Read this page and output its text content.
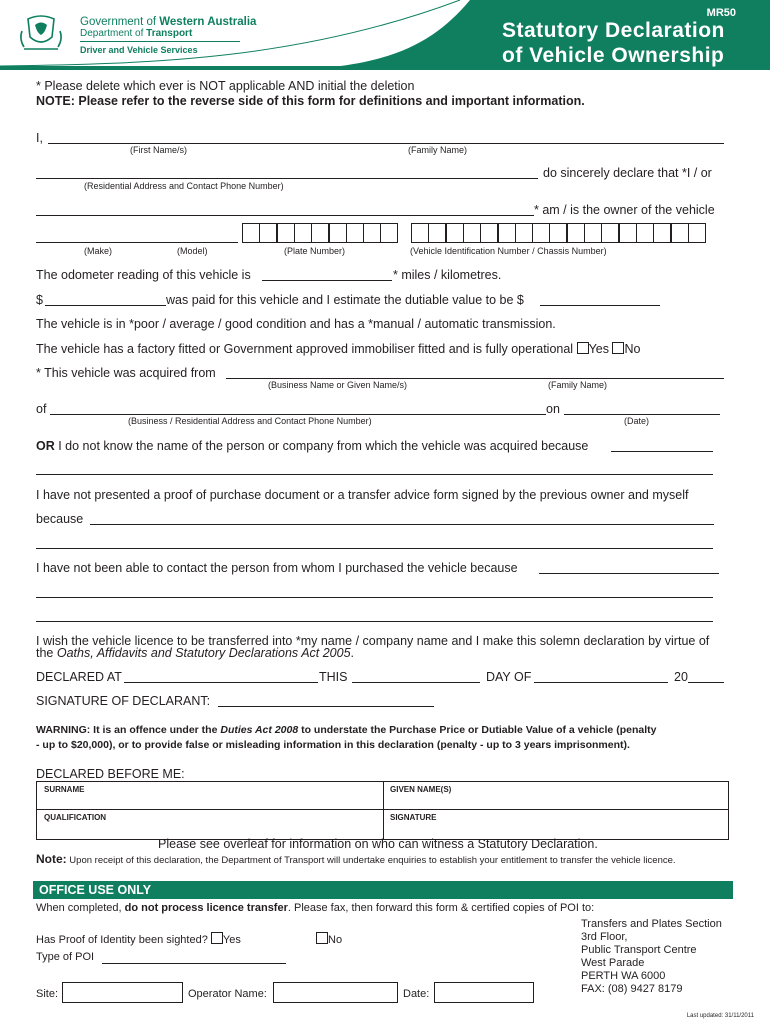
Government of Western Australia
Department of Transport
Driver and Vehicle Services
MR50
Statutory Declaration
of Vehicle Ownership
* Please delete which ever is NOT applicable AND initial the deletion
NOTE: Please refer to the reverse side of this form for definitions and important information.
I,
(First Name/s)	(Family Name)
do sincerely declare that *I / or
(Residential Address and Contact Phone Number)
* am / is the owner of the vehicle
(Make)	(Model)	(Plate Number)	(Vehicle Identification Number / Chassis Number)
The odometer reading of this vehicle is	* miles / kilometres.
$	was paid for this vehicle and I estimate the dutiable value to be $
The vehicle is in *poor / average / good condition and has a *manual / automatic transmission.
The vehicle has a factory fitted or Government approved immobiliser fitted and is fully operational Yes No
* This vehicle was acquired from
(Business Name or Given Name/s)	(Family Name)
of	on
(Business / Residential Address and Contact Phone Number)	(Date)
OR I do not know the name of the person or company from which the vehicle was acquired because
I have not presented a proof of purchase document or a transfer advice form signed by the previous owner and myself
because
I have not been able to contact the person from whom I purchased the vehicle because
I wish the vehicle licence to be transferred into *my name / company name and I make this solemn declaration by virtue of
the Oaths, Affidavits and Statutory Declarations Act 2005.
DECLARED AT	THIS	DAY OF	20
SIGNATURE OF DECLARANT:
WARNING: It is an offence under the Duties Act 2008 to understate the Purchase Price or Dutiable Value of a vehicle (penalty
- up to $20,000), or to provide false or misleading information in this declaration (penalty - up to 3 years imprisonment).
DECLARED BEFORE ME:
SURNAME	GIVEN NAME(S)
QUALIFICATION	SIGNATURE
Please see overleaf for information on who can witness a Statutory Declaration.
Note: Upon receipt of this declaration, the Department of Transport will undertake enquiries to establish your entitlement to transfer the vehicle licence.
OFFICE USE ONLY
When completed, do not process licence transfer. Please fax, then forward this form & certified copies of POI to:
Has Proof of Identity been sighted? Yes	No
Type of POI
Site:	Operator Name:	Date:
Transfers and Plates Section
3rd Floor,
Public Transport Centre
West Parade
PERTH WA 6000
FAX: (08) 9427 8179
Last updated: 31/11/2011
